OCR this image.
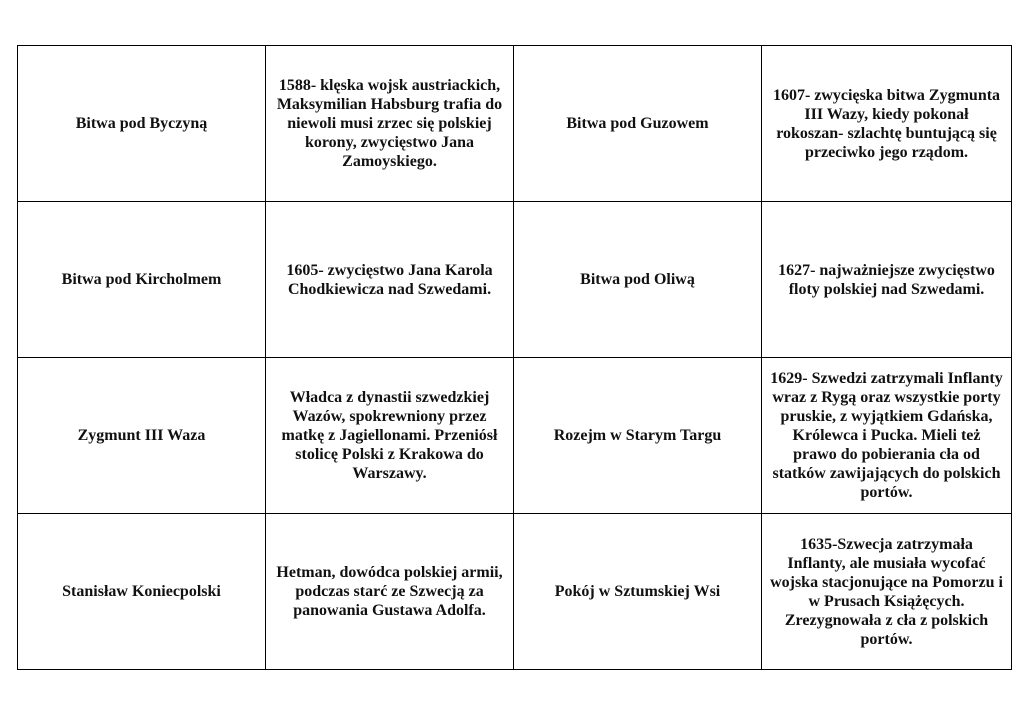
Bitwa pod Byczyną	1588- klęska wojsk austriackich, Maksymilian Habsburg trafia do niewoli musi zrzec się polskiej korony, zwycięstwo Jana Zamoyskiego.	Bitwa pod Guzowem	1607- zwycięska bitwa Zygmunta III Wazy, kiedy pokonał rokoszan- szlachtę buntującą się przeciwko jego rządom.
Bitwa pod Kircholmem	1605- zwycięstwo Jana Karola Chodkiewicza nad Szwedami.	Bitwa pod Oliwą	1627- najważniejsze zwycięstwo floty polskiej nad Szwedami.
Zygmunt III Waza	Władca z dynastii szwedzkiej Wazów, spokrewniony przez matkę z Jagiellonami. Przeniósł stolicę Polski z Krakowa do Warszawy.	Rozejm w Starym Targu	1629- Szwedzi zatrzymali Inflanty wraz z Rygą oraz wszystkie porty pruskie, z wyjątkiem Gdańska, Królewca i Pucka. Mieli też prawo do pobierania cła od statków zawijających do polskich portów.
Stanisław Koniecpolski	Hetman, dowódca polskiej armii, podczas starć ze Szwecją za panowania Gustawa Adolfa.	Pokój w Sztumskiej Wsi	1635-Szwecja zatrzymała Inflanty, ale musiała wycofać wojska stacjonujące na Pomorzu i w Prusach Książęcych. Zrezygnowała z cła z polskich portów.
